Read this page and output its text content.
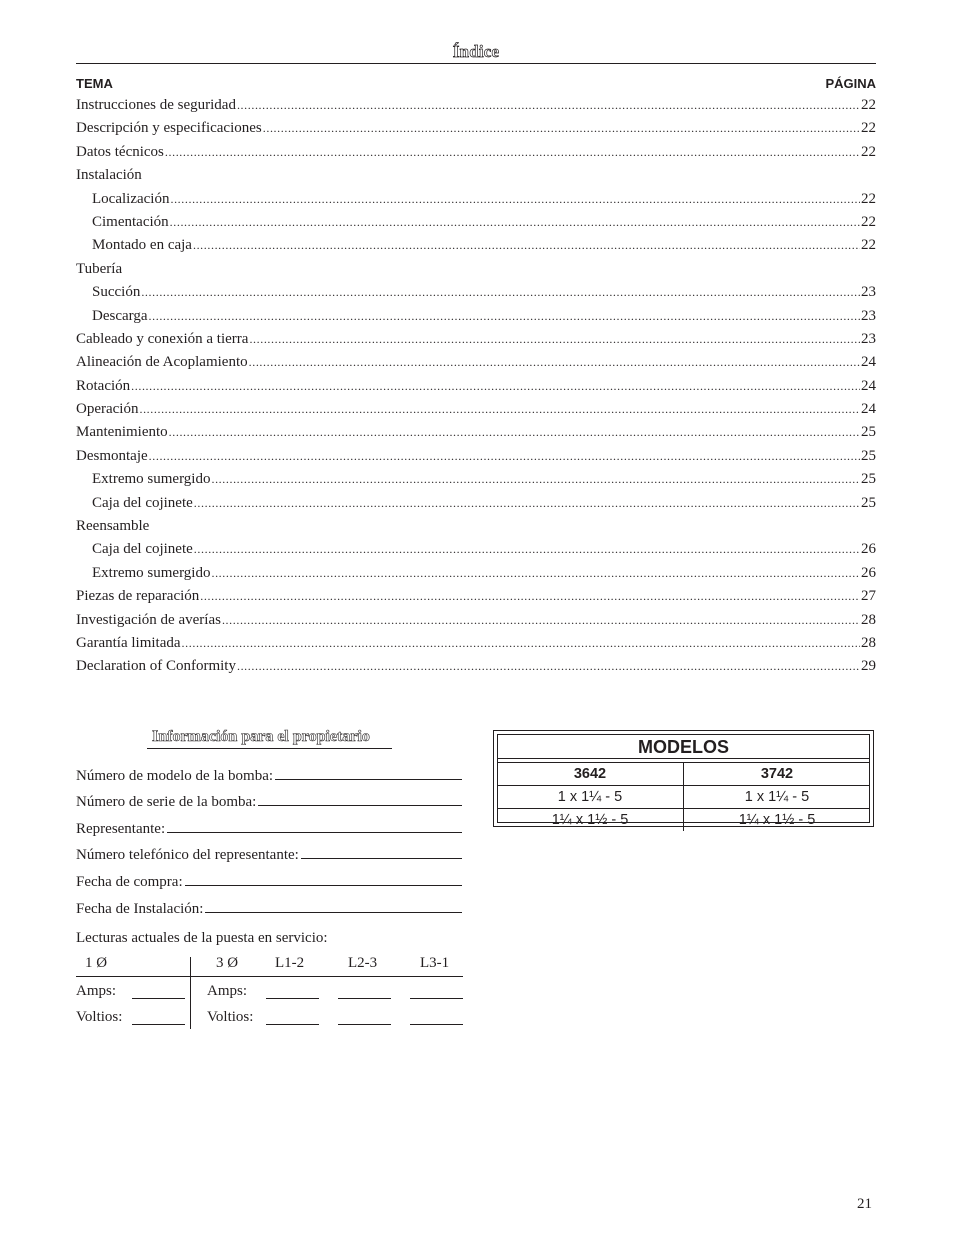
Índice
TEMA	PÁGINA
Instrucciones de seguridad .....	22
Descripción y especificaciones .....	22
Datos técnicos .....	22
Instalación
Localización .....	22
Cimentación .....	22
Montado en caja .....	22
Tubería
Succión .....	23
Descarga .....	23
Cableado y conexión a tierra .....	23
Alineación de Acoplamiento .....	24
Rotación .....	24
Operación .....	24
Mantenimiento .....	25
Desmontaje .....	25
Extremo sumergido .....	25
Caja del cojinete .....	25
Reensamble
Caja del cojinete .....	26
Extremo sumergido .....	26
Piezas de reparación .....	27
Investigación de averías .....	28
Garantía limitada .....	28
Declaration of Conformity .....	29
Información para el propietario
Número de modelo de la bomba:
Número de serie de la bomba:
Representante:
Número telefónico del representante:
Fecha de compra:
Fecha de Instalación:
Lecturas actuales de la puesta en servicio:
1 Ø	3 Ø L1-2	L2-3	L3-1
Amps:	Amps:
Voltios:	Voltios:
MODELOS
3642	3742
1 x 1¼ - 5	1 x 1¼ - 5
1¼ x 1½ - 5	1¼ x 1½ - 5
21
